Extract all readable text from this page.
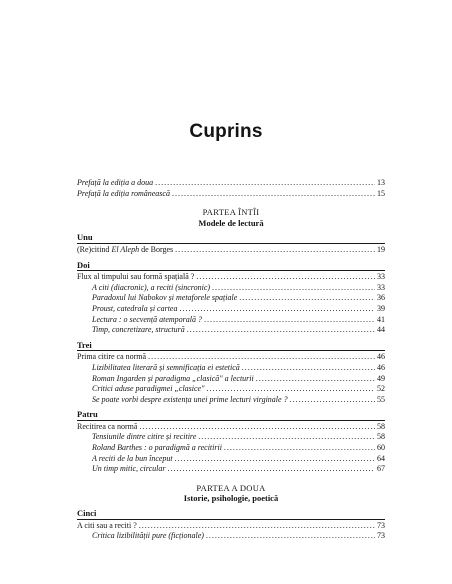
Cuprins
Prefață la ediția a doua .....	13
Prefață la ediția românească .....	15
PARTEA ÎNTÎI
Modele de lectură
Unu
(Re)citind El Aleph de Borges .....	19
Doi
Flux al timpului sau formă spațială ? .....	33
A citi (diacronic), a reciti (sincronic) .....	33
Paradoxul lui Nabokov și metaforele spațiale .....	36
Proust, catedrala și cartea .....	39
Lectura : o secvență atemporală ? .....	41
Timp, concretizare, structură .....	44
Trei
Prima citire ca normă .....	46
Lizibilitatea literară și semnificația ei estetică .....	46
Roman Ingarden și paradigma „clasică" a lecturii .....	49
Critici aduse paradigmei „clasice" .....	52
Se poate vorbi despre existența unei prime lecturi virginale ? .....	55
Patru
Recitirea ca normă .....	58
Tensiunile dintre citire și recitire .....	58
Roland Barthes : o paradigmă a recitirii .....	60
A reciti de la bun început .....	64
Un timp mitic, circular .....	67
PARTEA A DOUA
Istorie, psihologie, poetică
Cinci
A citi sau a reciti ? .....	73
Critica lizibilității pure (ficționale) .....	73
